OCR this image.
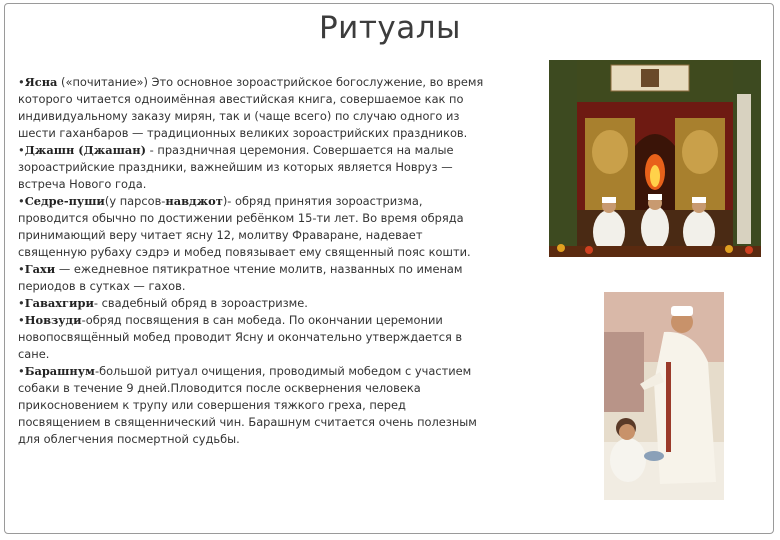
Ритуалы

•Ясна («почитание») Это основное зороастрийское богослужение, во время которого читается одноимённая авестийская книга, совершаемое как по индивидуальному заказу мирян, так и (чаще всего) по случаю одного из шести гаханбаров — традиционных великих зороастрийских праздников.

•Джашн (Джашан) - праздничная церемония. Совершается на малые зороастрийские праздники, важнейшим из которых является Новруз — встреча Нового года.

•Седре-пуши(у парсов-навджот)- обряд принятия зороастризма, проводится обычно по достижении ребёнком 15-ти лет. Во время обряда принимающий веру читает ясну 12, молитву Фраваране, надевает священную рубаху сэдрэ и мобед повязывает ему священный пояс кошти.

•Гахи — ежедневное пятикратное чтение молитв, названных по именам периодов в сутках — гахов.

•Гавахгири- свадебный обряд в зороастризме.

•Новзуди-обряд посвящения в сан мобеда. По окончании церемонии новопосвящённый мобед проводит Ясну и окончательно утверждается в сане.

•Барашнум-большой ритуал очищения, проводимый мобедом с участием собаки в течение 9 дней.Пловодится после осквернения человека прикосновением к трупу или совершения тяжкого греха, перед посвящением в священнический чин. Барашнум считается очень полезным для облегчения посмертной судьбы.
